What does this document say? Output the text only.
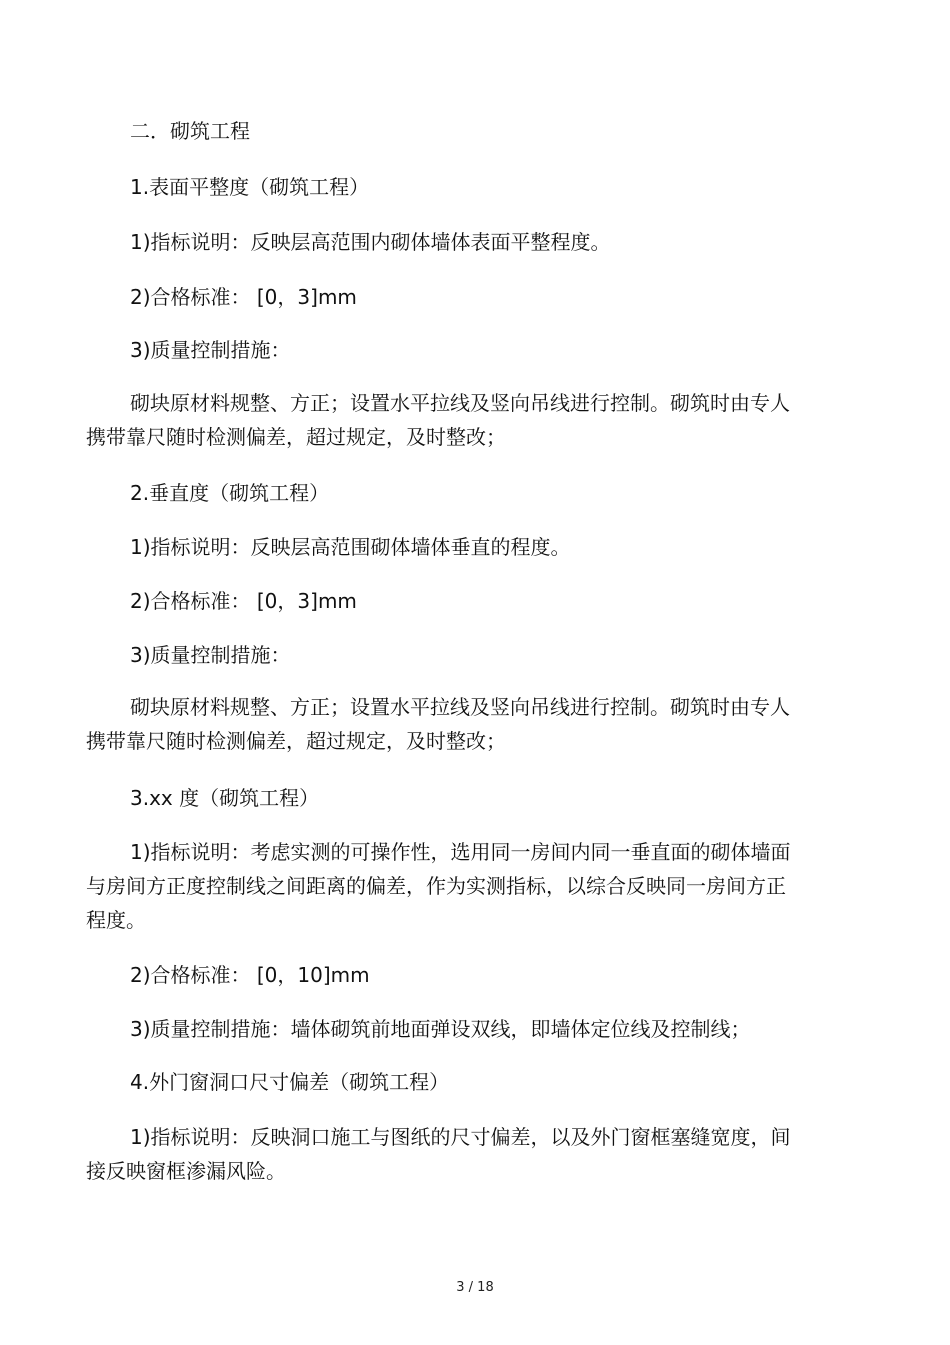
二．砌筑工程

1.表面平整度（砌筑工程）

1)指标说明：反映层高范围内砌体墙体表面平整程度。

2)合格标准： [0，3]mm

3)质量控制措施：

砌块原材料规整、方正；设置水平拉线及竖向吊线进行控制。砌筑时由专人携带靠尺随时检测偏差，超过规定，及时整改；

2.垂直度（砌筑工程）

1)指标说明：反映层高范围砌体墙体垂直的程度。

2)合格标准： [0，3]mm

3)质量控制措施：

砌块原材料规整、方正；设置水平拉线及竖向吊线进行控制。砌筑时由专人携带靠尺随时检测偏差，超过规定，及时整改；

3.xx 度（砌筑工程）

1)指标说明：考虑实测的可操作性，选用同一房间内同一垂直面的砌体墙面与房间方正度控制线之间距离的偏差，作为实测指标，以综合反映同一房间方正程度。

2)合格标准： [0，10]mm

3)质量控制措施：墙体砌筑前地面弹设双线，即墙体定位线及控制线；

4.外门窗洞口尺寸偏差（砌筑工程）

1)指标说明：反映洞口施工与图纸的尺寸偏差，以及外门窗框塞缝宽度，间接反映窗框渗漏风险。

3 / 18
